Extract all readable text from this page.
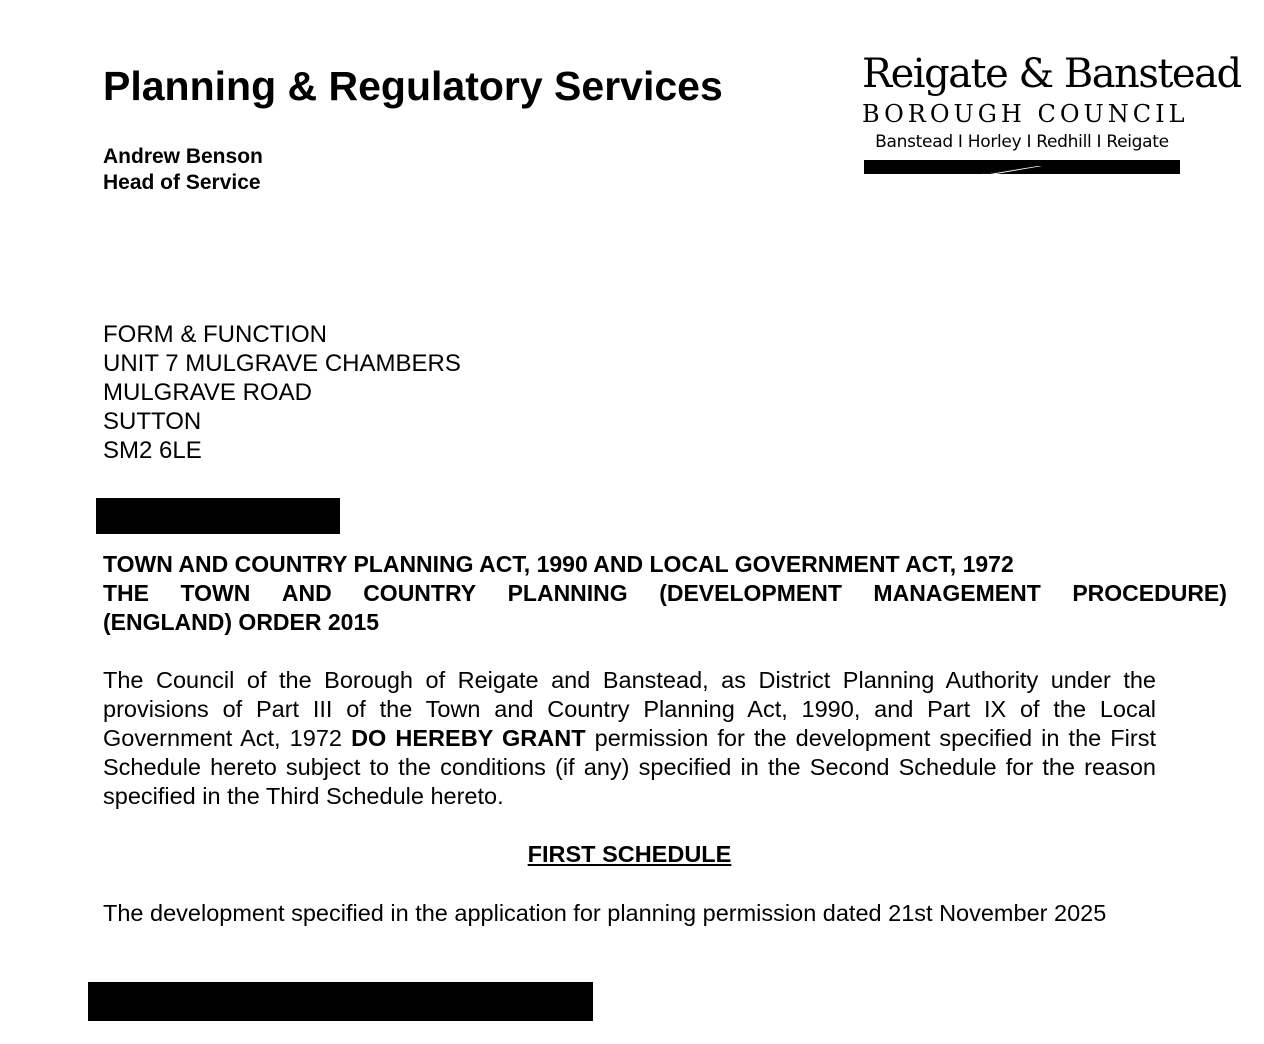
Planning & Regulatory Services
Andrew Benson
Head of Service
Reigate & Banstead
BOROUGH COUNCIL
Banstead I Horley I Redhill I Reigate
FORM & FUNCTION
UNIT 7 MULGRAVE CHAMBERS
MULGRAVE ROAD
SUTTON
SM2 6LE
TOWN AND COUNTRY PLANNING ACT, 1990 AND LOCAL GOVERNMENT ACT, 1972
THE TOWN AND COUNTRY PLANNING (DEVELOPMENT MANAGEMENT PROCEDURE)
(ENGLAND) ORDER 2015
The Council of the Borough of Reigate and Banstead, as District Planning Authority under the provisions of Part III of the Town and Country Planning Act, 1990, and Part IX of the Local Government Act, 1972 DO HEREBY GRANT permission for the development specified in the First Schedule hereto subject to the conditions (if any) specified in the Second Schedule for the reason specified in the Third Schedule hereto.
FIRST SCHEDULE
The development specified in the application for planning permission dated 21st November 2025
